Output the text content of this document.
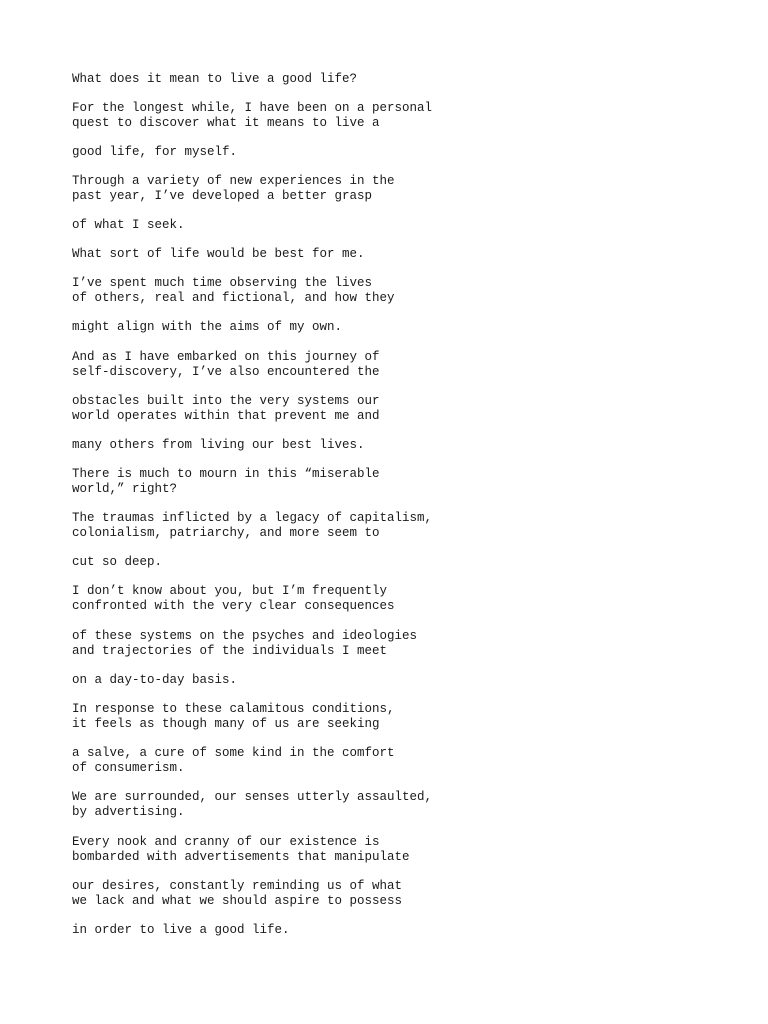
What does it mean to live a good life?

For the longest while, I have been on a personal
quest to discover what it means to live a

good life, for myself.

Through a variety of new experiences in the
past year, I’ve developed a better grasp

of what I seek.

What sort of life would be best for me.

I’ve spent much time observing the lives
of others, real and fictional, and how they

might align with the aims of my own.

And as I have embarked on this journey of
self-discovery, I’ve also encountered the

obstacles built into the very systems our
world operates within that prevent me and

many others from living our best lives.

There is much to mourn in this “miserable
world,” right?

The traumas inflicted by a legacy of capitalism,
colonialism, patriarchy, and more seem to

cut so deep.

I don’t know about you, but I’m frequently
confronted with the very clear consequences

of these systems on the psyches and ideologies
and trajectories of the individuals I meet

on a day-to-day basis.

In response to these calamitous conditions,
it feels as though many of us are seeking

a salve, a cure of some kind in the comfort
of consumerism.

We are surrounded, our senses utterly assaulted,
by advertising.

Every nook and cranny of our existence is
bombarded with advertisements that manipulate

our desires, constantly reminding us of what
we lack and what we should aspire to possess

in order to live a good life.
